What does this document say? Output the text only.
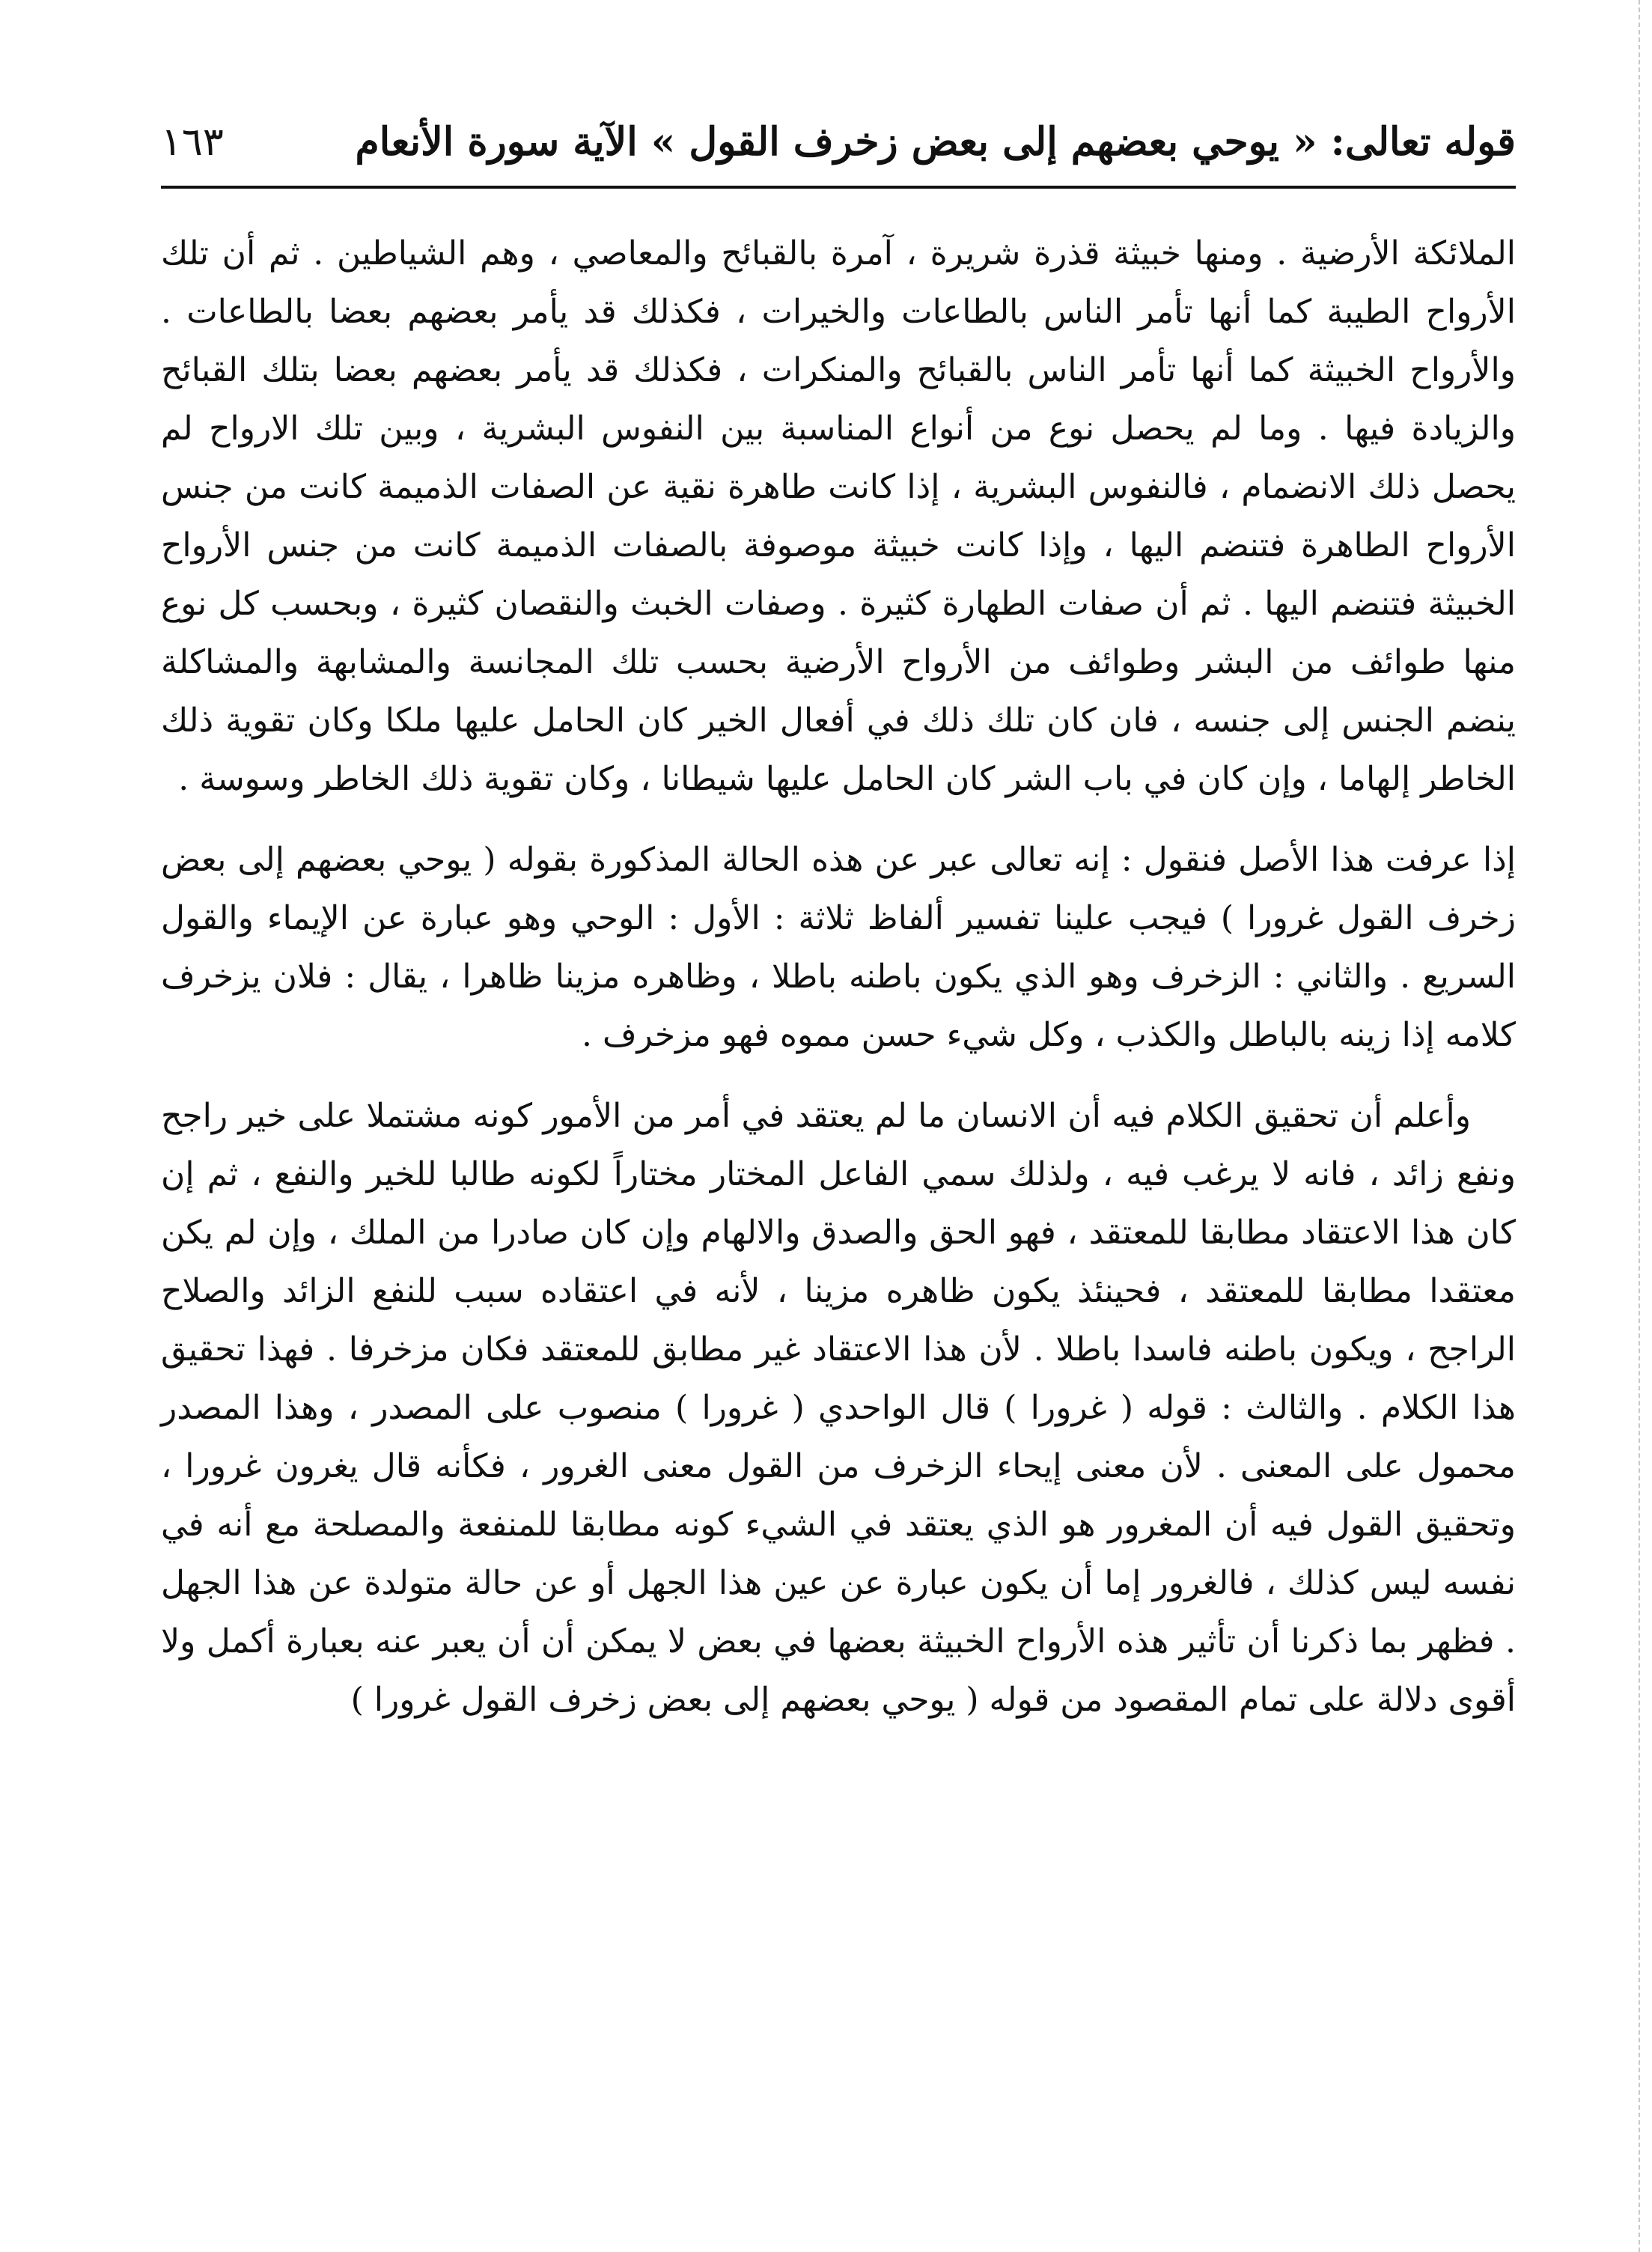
قوله تعالى: « يوحي بعضهم إلى بعض زخرف القول » الآية سورة الأنعام
١٦٣

الملائكة الأرضية . ومنها خبيثة قذرة شريرة ، آمرة بالقبائح والمعاصي ، وهم الشياطين . ثم أن تلك الأرواح الطيبة كما أنها تأمر الناس بالطاعات والخيرات ، فكذلك قد يأمر بعضهم بعضا بالطاعات . والأرواح الخبيثة كما أنها تأمر الناس بالقبائح والمنكرات ، فكذلك قد يأمر بعضهم بعضا بتلك القبائح والزيادة فيها . وما لم يحصل نوع من أنواع المناسبة بين النفوس البشرية ، وبين تلك الارواح لم يحصل ذلك الانضمام ، فالنفوس البشرية ، إذا كانت طاهرة نقية عن الصفات الذميمة كانت من جنس الأرواح الطاهرة فتنضم اليها ، وإذا كانت خبيثة موصوفة بالصفات الذميمة كانت من جنس الأرواح الخبيثة فتنضم اليها . ثم أن صفات الطهارة كثيرة . وصفات الخبث والنقصان كثيرة ، وبحسب كل نوع منها طوائف من البشر وطوائف من الأرواح الأرضية بحسب تلك المجانسة والمشابهة والمشاكلة ينضم الجنس إلى جنسه ، فان كان تلك ذلك في أفعال الخير كان الحامل عليها ملكا وكان تقوية ذلك الخاطر إلهاما ، وإن كان في باب الشر كان الحامل عليها شيطانا ، وكان تقوية ذلك الخاطر وسوسة .

إذا عرفت هذا الأصل فنقول : إنه تعالى عبر عن هذه الحالة المذكورة بقوله ( يوحي بعضهم إلى بعض زخرف القول غرورا ) فيجب علينا تفسير ألفاظ ثلاثة : الأول : الوحي وهو عبارة عن الإيماء والقول السريع . والثاني : الزخرف وهو الذي يكون باطنه باطلا ، وظاهره مزينا ظاهرا ، يقال : فلان يزخرف كلامه إذا زينه بالباطل والكذب ، وكل شيء حسن مموه فهو مزخرف .

وأعلم أن تحقيق الكلام فيه أن الانسان ما لم يعتقد في أمر من الأمور كونه مشتملا على خير راجح ونفع زائد ، فانه لا يرغب فيه ، ولذلك سمي الفاعل المختار مختاراً لكونه طالبا للخير والنفع ، ثم إن كان هذا الاعتقاد مطابقا للمعتقد ، فهو الحق والصدق والالهام وإن كان صادرا من الملك ، وإن لم يكن معتقدا مطابقا للمعتقد ، فحينئذ يكون ظاهره مزينا ، لأنه في اعتقاده سبب للنفع الزائد والصلاح الراجح ، ويكون باطنه فاسدا باطلا . لأن هذا الاعتقاد غير مطابق للمعتقد فكان مزخرفا . فهذا تحقيق هذا الكلام . والثالث : قوله ( غرورا ) قال الواحدي ( غرورا ) منصوب على المصدر ، وهذا المصدر محمول على المعنى . لأن معنى إيحاء الزخرف من القول معنى الغرور ، فكأنه قال يغرون غرورا ، وتحقيق القول فيه أن المغرور هو الذي يعتقد في الشيء كونه مطابقا للمنفعة والمصلحة مع أنه في نفسه ليس كذلك ، فالغرور إما أن يكون عبارة عن عين هذا الجهل أو عن حالة متولدة عن هذا الجهل . فظهر بما ذكرنا أن تأثير هذه الأرواح الخبيثة بعضها في بعض لا يمكن أن أن يعبر عنه بعبارة أكمل ولا أقوى دلالة على تمام المقصود من قوله ( يوحي بعضهم إلى بعض زخرف القول غرورا )
